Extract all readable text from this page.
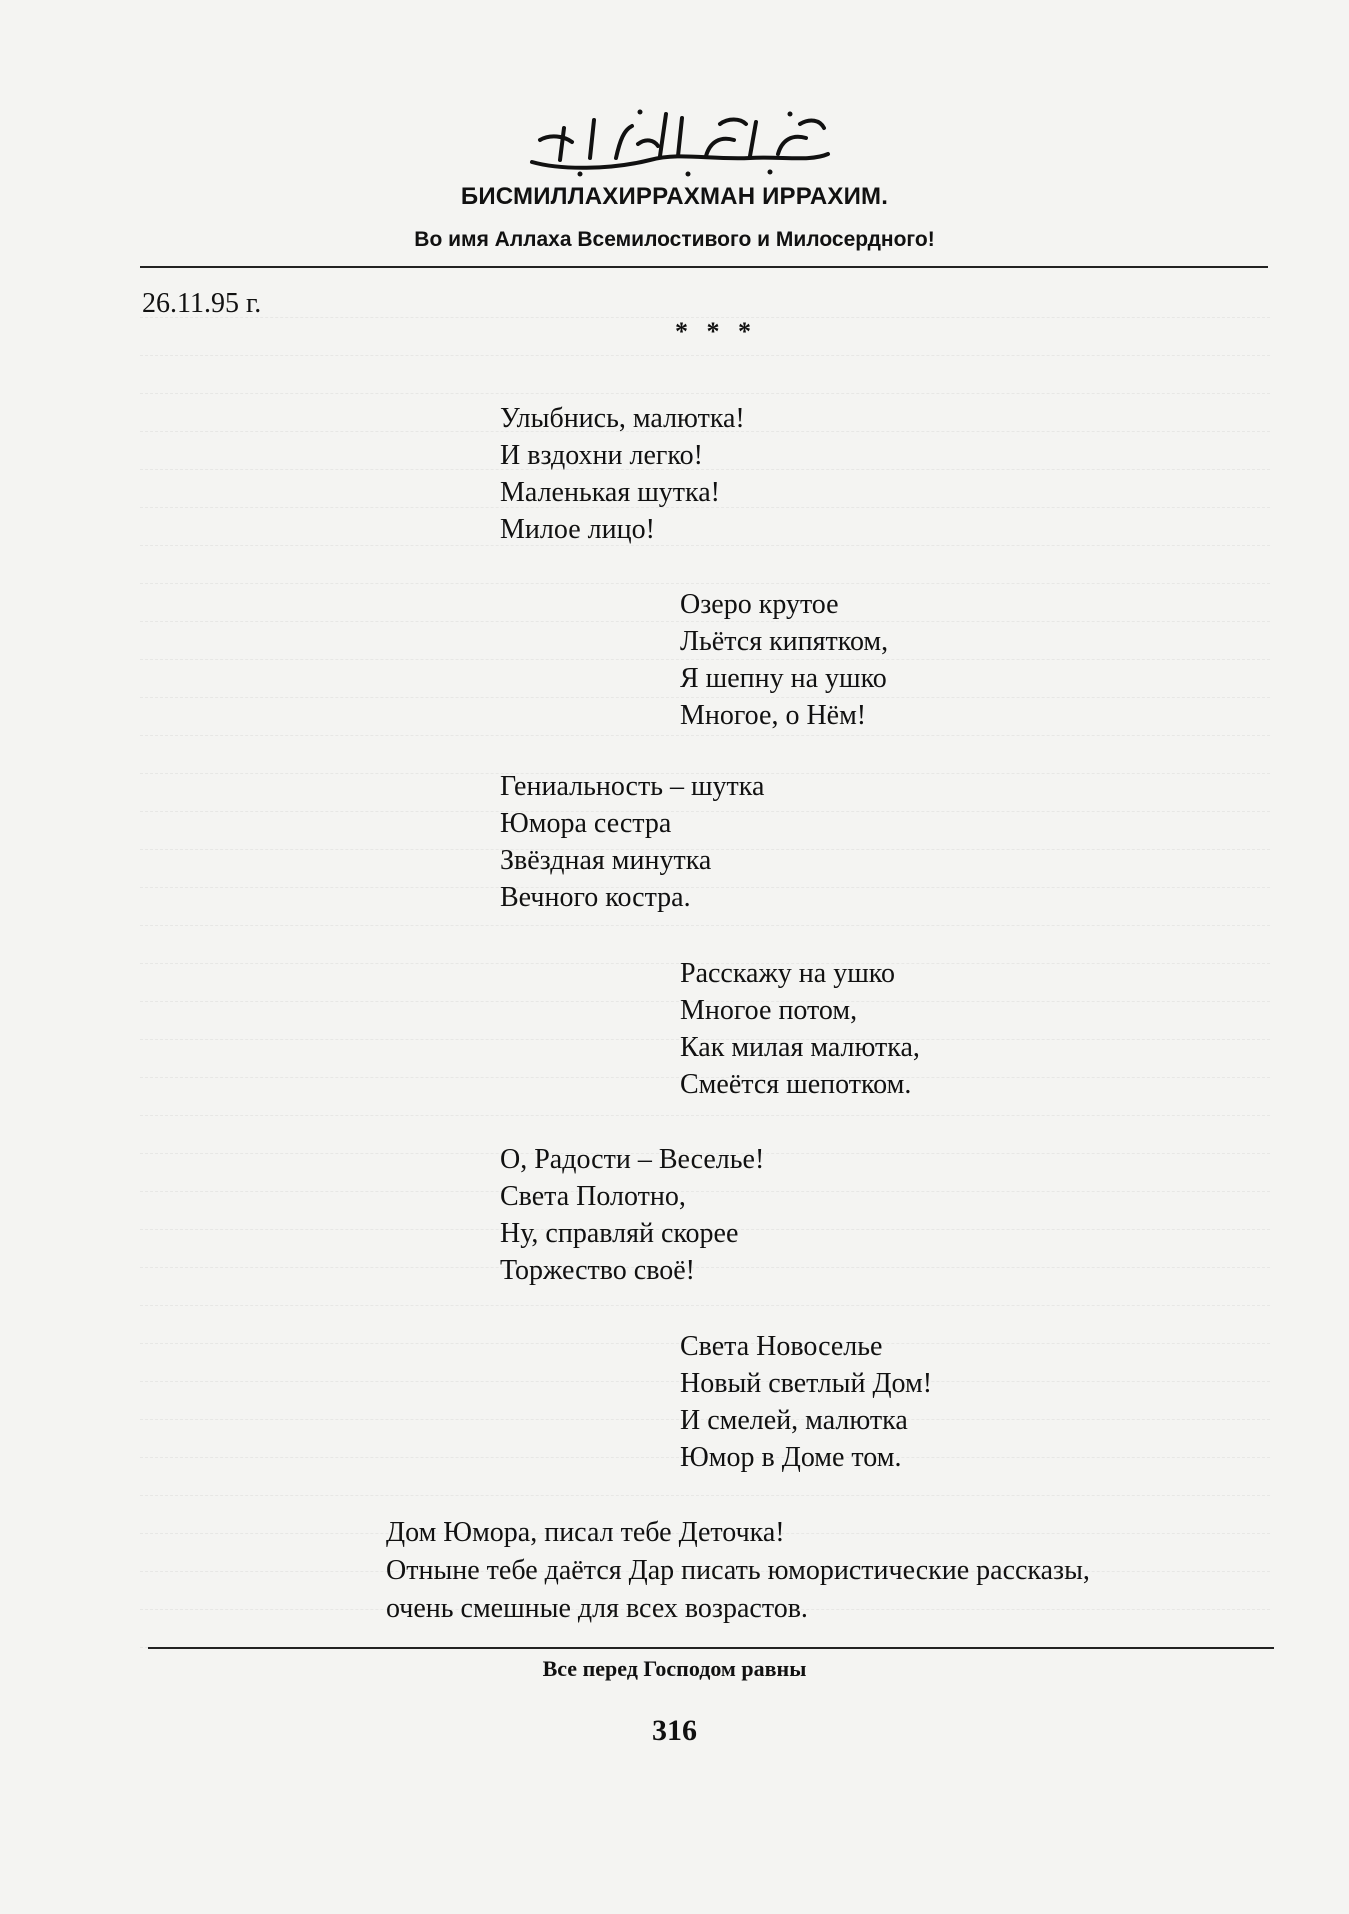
БИСМИЛЛАХИРРАХМАН ИРРАХИМ.
Во имя Аллаха Всемилостивого и Милосердного!
26.11.95 г.
* * *
Улыбнись, малютка!
И вздохни легко!
Маленькая шутка!
Милое лицо!
Озеро крутое
Льётся кипятком,
Я шепну на ушко
Многое, о Нём!
Гениальность – шутка
Юмора сестра
Звёздная минутка
Вечного костра.
Расскажу на ушко
Многое потом,
Как милая малютка,
Смеётся шепотком.
О, Радости – Веселье!
Света Полотно,
Ну, справляй скорее
Торжество своё!
Света Новоселье
Новый светлый Дом!
И смелей, малютка
Юмор в Доме том.
Дом Юмора, писал тебе Деточка!
Отныне тебе даётся Дар писать юмористические рассказы,
очень смешные для всех возрастов.
Все перед Господом равны
316
